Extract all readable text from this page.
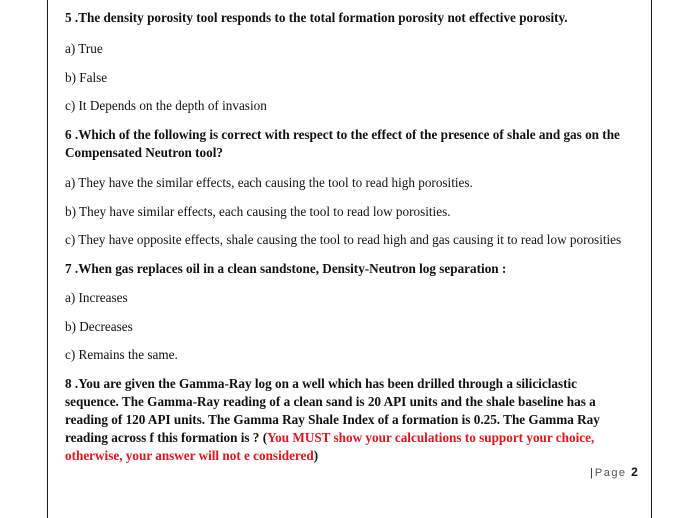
5 .The density porosity tool responds to the total formation porosity not effective porosity.
a) True
b) False
c) It Depends on the depth of invasion
6 .Which of the following is correct with respect to the effect of the presence of shale and gas on the
Compensated Neutron tool?
a) They have the similar effects, each causing the tool to read high porosities.
b) They have similar effects, each causing the tool to read low porosities.
c) They have opposite effects, shale causing the tool to read high and gas causing it to read low porosities
7 .When gas replaces oil in a clean sandstone, Density-Neutron log separation :
a) Increases
b) Decreases
c) Remains the same.
8 .You are given the Gamma-Ray log on a well which has been drilled through a siliciclastic
sequence. The Gamma-Ray reading of a clean sand is 20 API units and the shale baseline has a
reading of 120 API units. The Gamma Ray Shale Index of a formation is 0.25. The Gamma Ray
reading across f this formation is ? (You MUST show your calculations to support your choice,
otherwise, your answer will not e considered)
| Page 2
